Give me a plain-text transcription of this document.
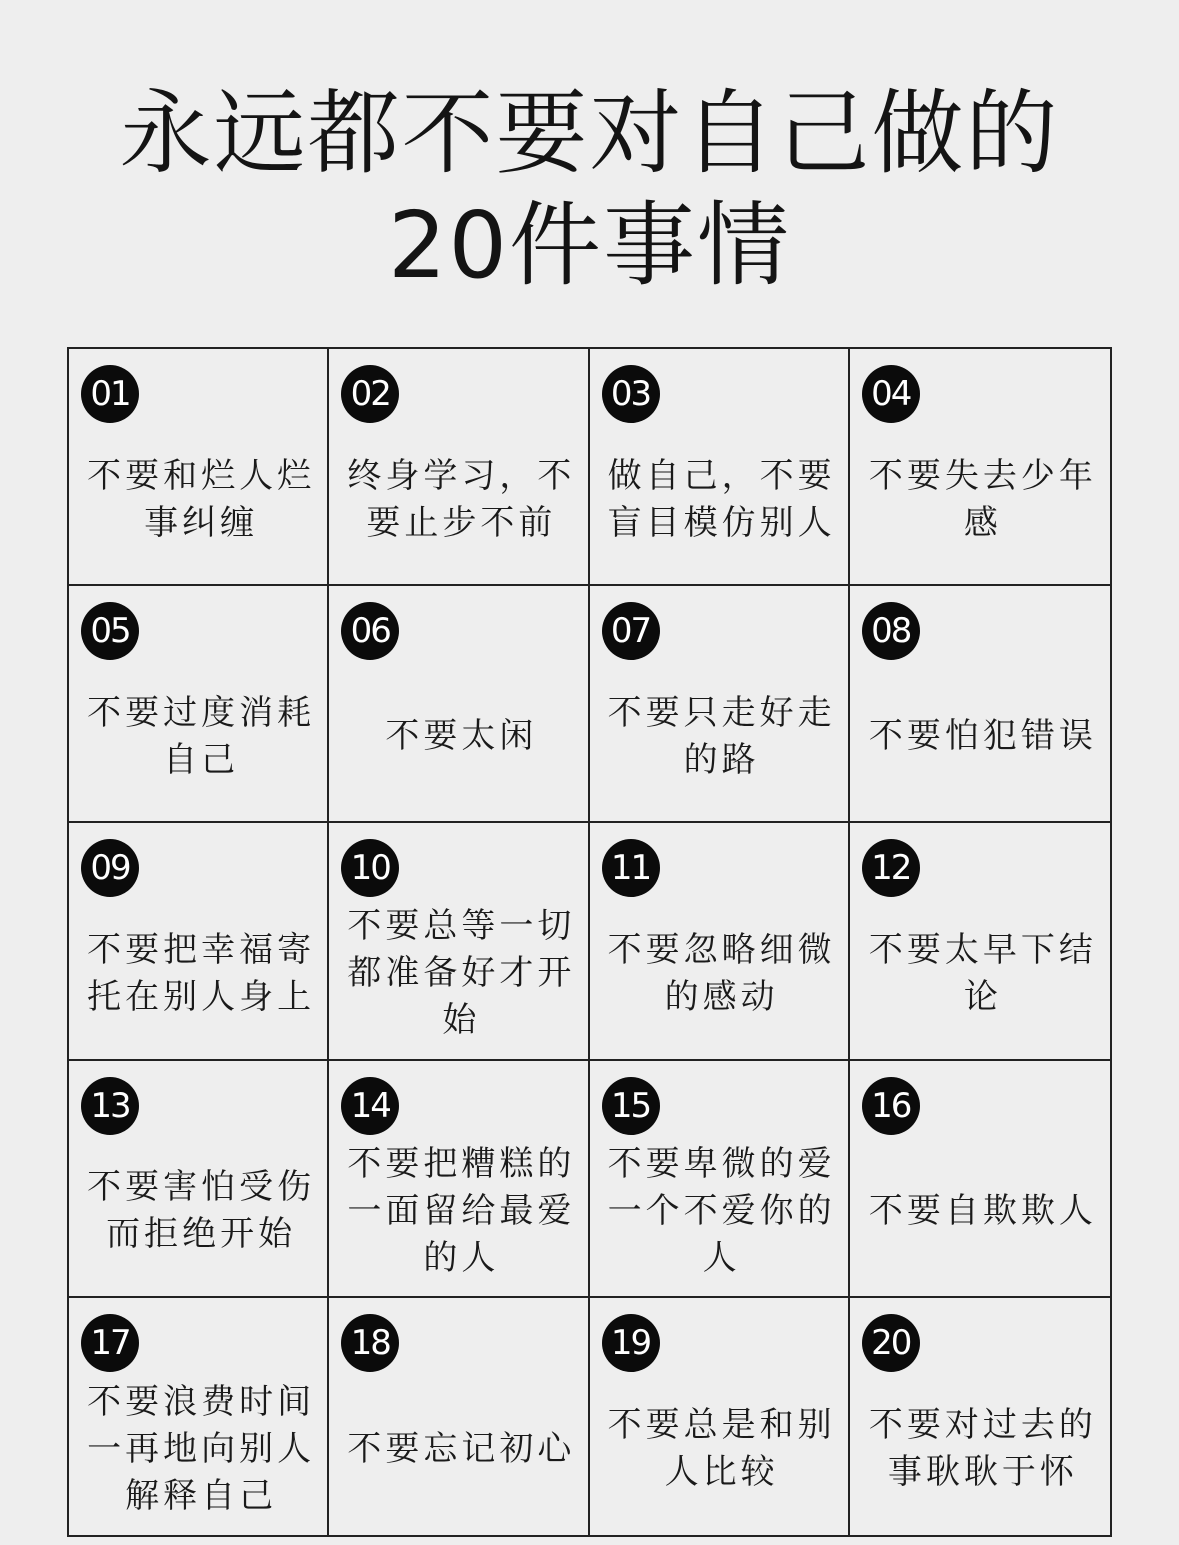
永远都不要对自己做的
20件事情
01
不要和烂人烂事纠缠
02
终身学习，不要止步不前
03
做自己，不要盲目模仿别人
04
不要失去少年感
05
不要过度消耗自己
06
不要太闲
07
不要只走好走的路
08
不要怕犯错误
09
不要把幸福寄托在别人身上
10
不要总等一切都准备好才开始
11
不要忽略细微的感动
12
不要太早下结论
13
不要害怕受伤而拒绝开始
14
不要把糟糕的一面留给最爱的人
15
不要卑微的爱一个不爱你的人
16
不要自欺欺人
17
不要浪费时间一再地向别人解释自己
18
不要忘记初心
19
不要总是和别人比较
20
不要对过去的事耿耿于怀
